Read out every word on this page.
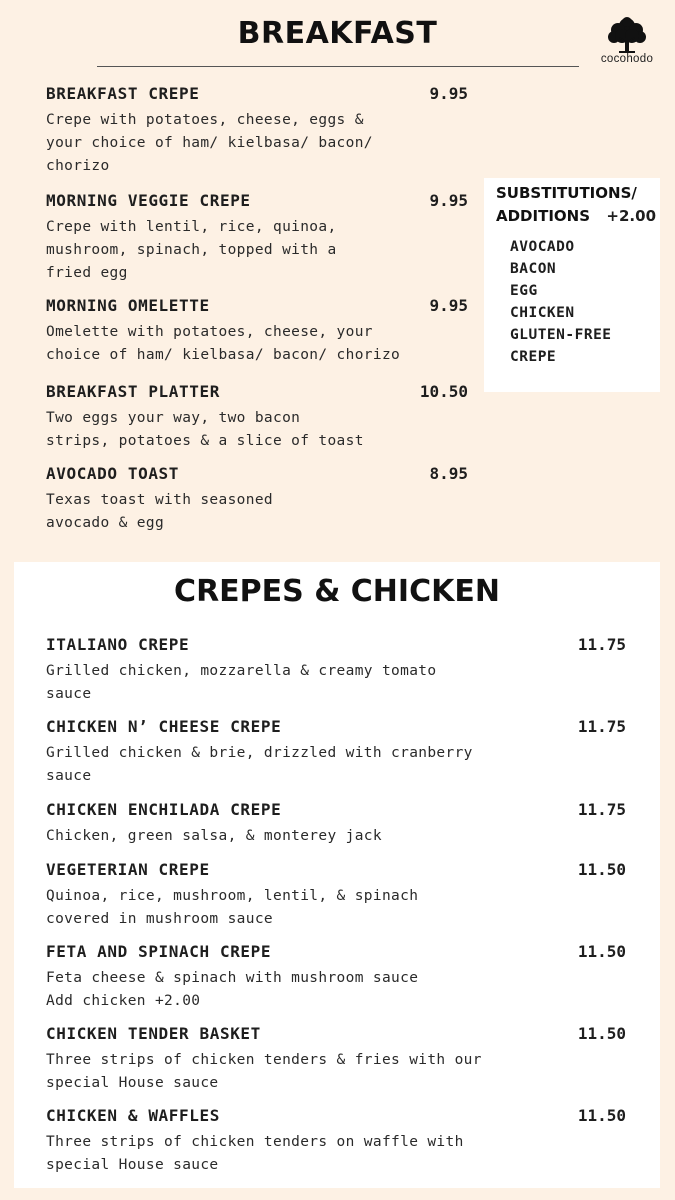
BREAKFAST
cocohodo
BREAKFAST CREPE	9.95
Crepe with potatoes, cheese, eggs &
your choice of ham/ kielbasa/ bacon/
chorizo
MORNING VEGGIE CREPE	9.95
Crepe with lentil, rice, quinoa,
mushroom, spinach, topped with a
fried egg
MORNING OMELETTE	9.95
Omelette with potatoes, cheese, your
choice of ham/ kielbasa/ bacon/ chorizo
BREAKFAST PLATTER	10.50
Two eggs your way, two bacon
strips, potatoes & a slice of toast
AVOCADO TOAST	8.95
Texas toast with seasoned
avocado & egg
SUBSTITUTIONS/
ADDITIONS	+2.00
AVOCADO
BACON
EGG
CHICKEN
GLUTEN-FREE
CREPE
CREPES & CHICKEN
ITALIANO CREPE	11.75
Grilled chicken, mozzarella & creamy tomato
sauce
CHICKEN N’ CHEESE CREPE	11.75
Grilled chicken & brie, drizzled with cranberry
sauce
CHICKEN ENCHILADA CREPE	11.75
Chicken, green salsa, & monterey jack
VEGETERIAN CREPE	11.50
Quinoa, rice, mushroom, lentil, & spinach
covered in mushroom sauce
FETA AND SPINACH CREPE	11.50
Feta cheese & spinach with mushroom sauce
Add chicken +2.00
CHICKEN TENDER BASKET	11.50
Three strips of chicken tenders & fries with our
special House sauce
CHICKEN & WAFFLES	11.50
Three strips of chicken tenders on waffle with
special House sauce
